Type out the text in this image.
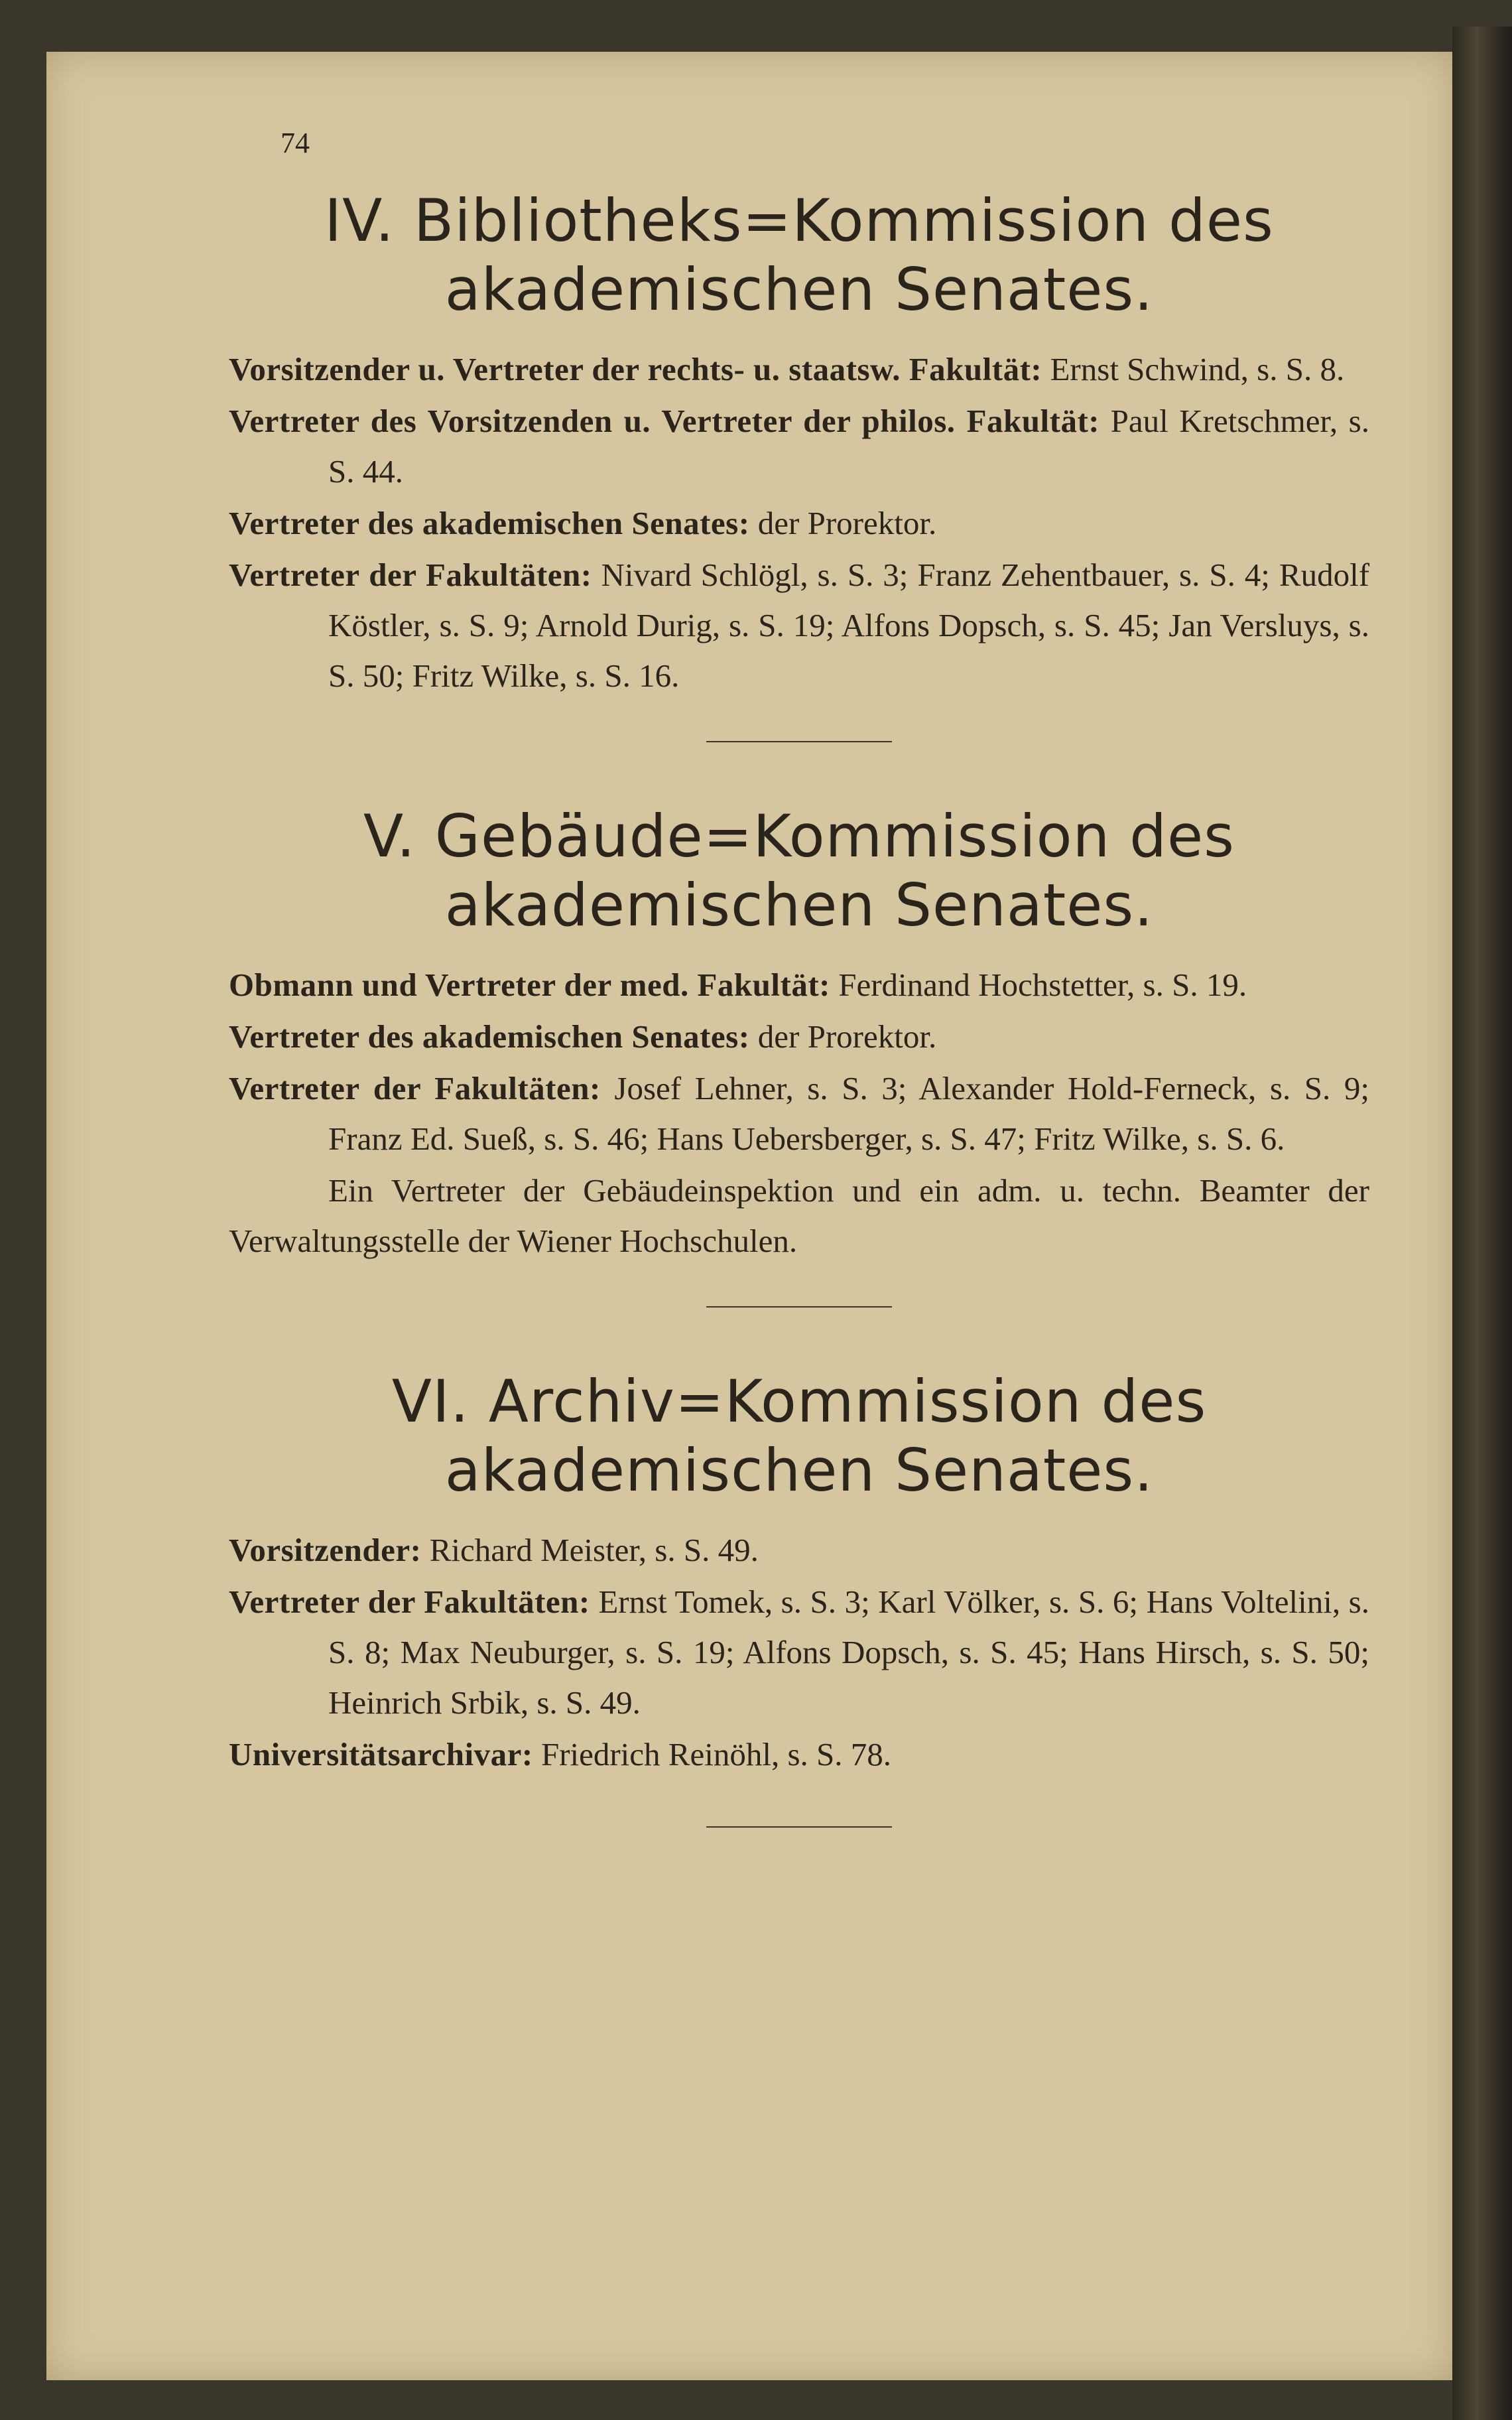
74
IV. Bibliotheks=Kommission des
akademischen Senates.

Vorsitzender u. Vertreter der rechts- u. staatsw. Fakultät: Ernst Schwind, s. S. 8.

Vertreter des Vorsitzenden u. Vertreter der philos. Fakultät: Paul Kretschmer, s. S. 44.

Vertreter des akademischen Senates: der Prorektor.

Vertreter der Fakultäten: Nivard Schlögl, s. S. 3; Franz Zehentbauer, s. S. 4; Rudolf Köstler, s. S. 9; Arnold Durig, s. S. 19; Alfons Dopsch, s. S. 45; Jan Versluys, s. S. 50; Fritz Wilke, s. S. 16.

V. Gebäude=Kommission des
akademischen Senates.

Obmann und Vertreter der med. Fakultät: Ferdinand Hochstetter, s. S. 19.

Vertreter des akademischen Senates: der Prorektor.

Vertreter der Fakultäten: Josef Lehner, s. S. 3; Alexander Hold-Ferneck, s. S. 9; Franz Ed. Sueß, s. S. 46; Hans Uebersberger, s. S. 47; Fritz Wilke, s. S. 6.

Ein Vertreter der Gebäudeinspektion und ein adm. u. techn. Beamter der Verwaltungsstelle der Wiener Hochschulen.

VI. Archiv=Kommission des
akademischen Senates.

Vorsitzender: Richard Meister, s. S. 49.

Vertreter der Fakultäten: Ernst Tomek, s. S. 3; Karl Völker, s. S. 6; Hans Voltelini, s. S. 8; Max Neuburger, s. S. 19; Alfons Dopsch, s. S. 45; Hans Hirsch, s. S. 50; Heinrich Srbik, s. S. 49.

Universitätsarchivar: Friedrich Reinöhl, s. S. 78.
